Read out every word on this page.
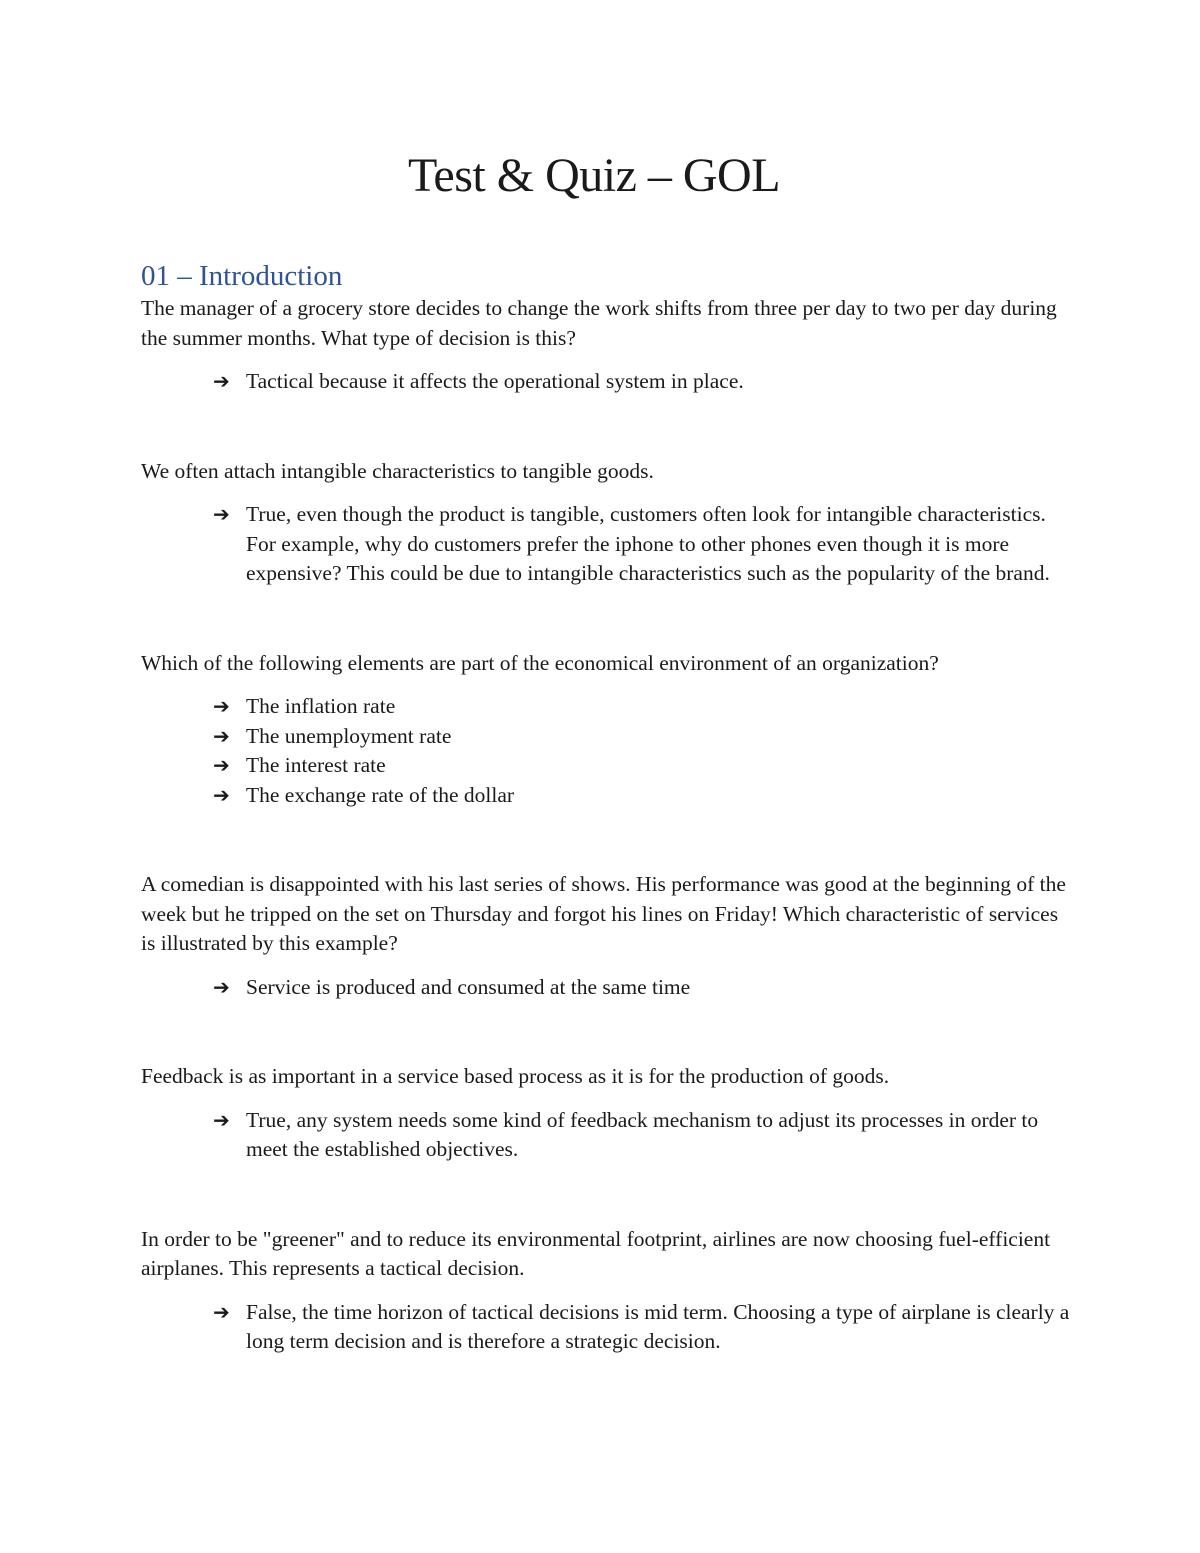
Test & Quiz – GOL
01 – Introduction

The manager of a grocery store decides to change the work shifts from three per day to two per day during the summer months. What type of decision is this?

➔ Tactical because it affects the operational system in place.

We often attach intangible characteristics to tangible goods.

➔ True, even though the product is tangible, customers often look for intangible characteristics. For example, why do customers prefer the iphone to other phones even though it is more expensive? This could be due to intangible characteristics such as the popularity of the brand.

Which of the following elements are part of the economical environment of an organization?

➔ The inflation rate
➔ The unemployment rate
➔ The interest rate
➔ The exchange rate of the dollar

A comedian is disappointed with his last series of shows. His performance was good at the beginning of the week but he tripped on the set on Thursday and forgot his lines on Friday! Which characteristic of services is illustrated by this example?

➔ Service is produced and consumed at the same time

Feedback is as important in a service based process as it is for the production of goods.

➔ True, any system needs some kind of feedback mechanism to adjust its processes in order to meet the established objectives.

In order to be "greener" and to reduce its environmental footprint, airlines are now choosing fuel-efficient airplanes. This represents a tactical decision.

➔ False, the time horizon of tactical decisions is mid term. Choosing a type of airplane is clearly a long term decision and is therefore a strategic decision.
